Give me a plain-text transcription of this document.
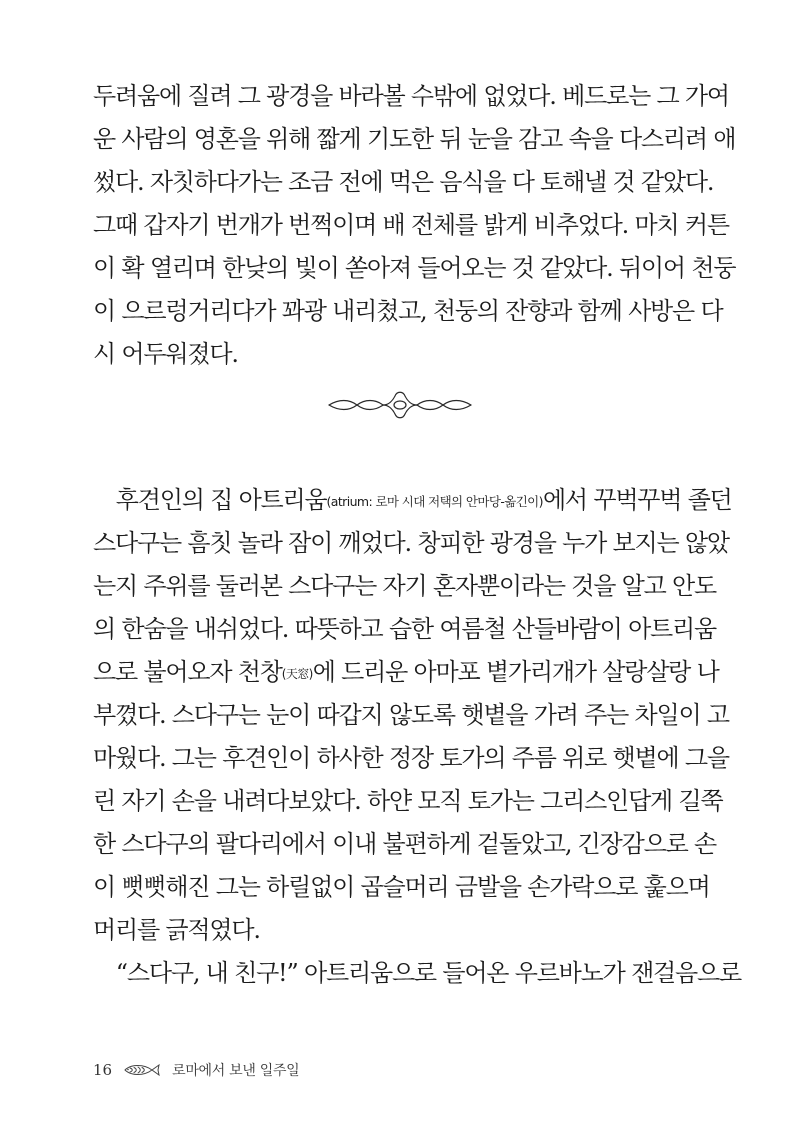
두려움에 질려 그 광경을 바라볼 수밖에 없었다. 베드로는 그 가여
운 사람의 영혼을 위해 짧게 기도한 뒤 눈을 감고 속을 다스리려 애
썼다. 자칫하다가는 조금 전에 먹은 음식을 다 토해낼 것 같았다.
그때 갑자기 번개가 번쩍이며 배 전체를 밝게 비추었다. 마치 커튼
이 확 열리며 한낮의 빛이 쏟아져 들어오는 것 같았다. 뒤이어 천둥
이 으르렁거리다가 꽈광 내리쳤고, 천둥의 잔향과 함께 사방은 다
시 어두워졌다.
　후견인의 집 아트리움(atrium: 로마 시대 저택의 안마당-옮긴이)에서 꾸벅꾸벅 졸던
스다구는 흠칫 놀라 잠이 깨었다. 창피한 광경을 누가 보지는 않았
는지 주위를 둘러본 스다구는 자기 혼자뿐이라는 것을 알고 안도
의 한숨을 내쉬었다. 따뜻하고 습한 여름철 산들바람이 아트리움
으로 불어오자 천창(天窓)에 드리운 아마포 볕가리개가 살랑살랑 나
부꼈다. 스다구는 눈이 따갑지 않도록 햇볕을 가려 주는 차일이 고
마웠다. 그는 후견인이 하사한 정장 토가의 주름 위로 햇볕에 그을
린 자기 손을 내려다보았다. 하얀 모직 토가는 그리스인답게 길쭉
한 스다구의 팔다리에서 이내 불편하게 겉돌았고, 긴장감으로 손
이 뻣뻣해진 그는 하릴없이 곱슬머리 금발을 손가락으로 훑으며
머리를 긁적였다.
　“스다구, 내 친구!” 아트리움으로 들어온 우르바노가 잰걸음으로
16	로마에서 보낸 일주일
